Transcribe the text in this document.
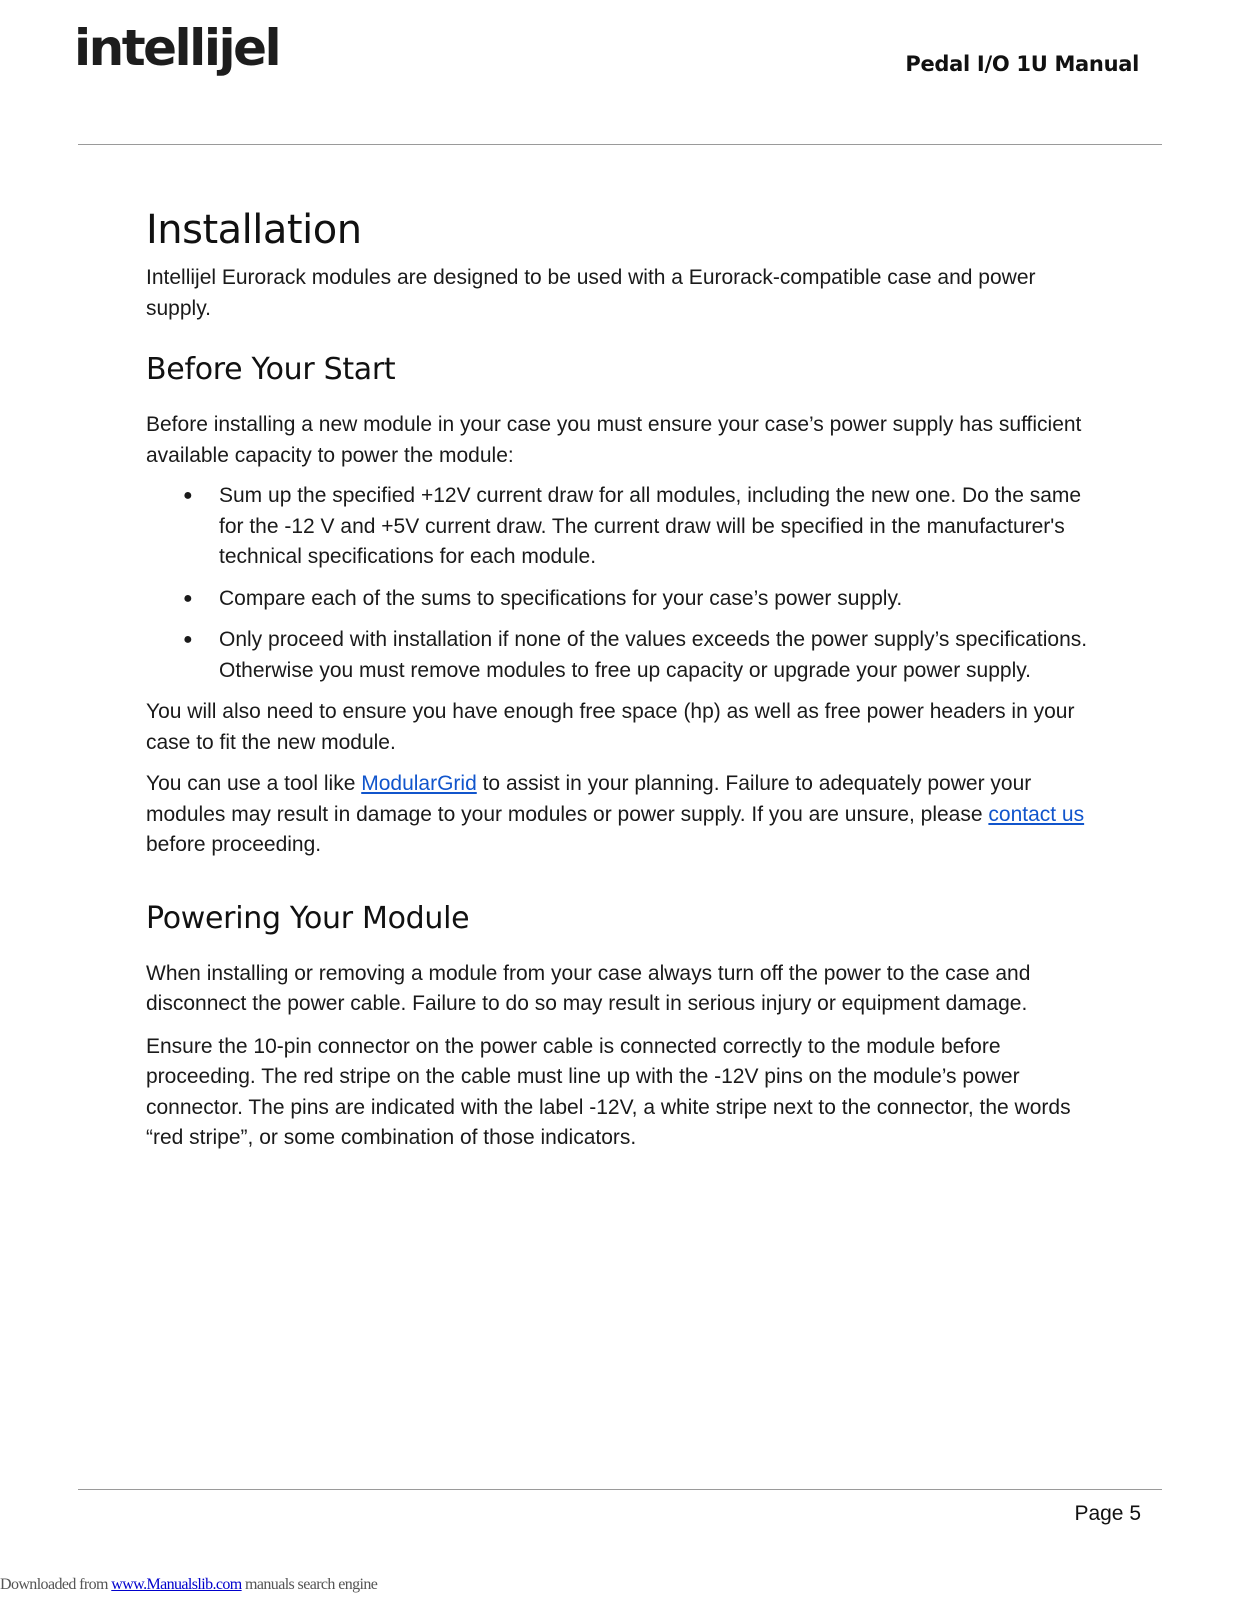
intellijel	Pedal I/O 1U Manual
Installation

Intellijel Eurorack modules are designed to be used with a Eurorack-compatible case and power supply.

Before Your Start

Before installing a new module in your case you must ensure your case’s power supply has sufficient available capacity to power the module:

● Sum up the specified +12V current draw for all modules, including the new one. Do the same for the -12 V and +5V current draw. The current draw will be specified in the manufacturer's technical specifications for each module.
● Compare each of the sums to specifications for your case’s power supply.
● Only proceed with installation if none of the values exceeds the power supply’s specifications. Otherwise you must remove modules to free up capacity or upgrade your power supply.

You will also need to ensure you have enough free space (hp) as well as free power headers in your case to fit the new module.

You can use a tool like ModularGrid to assist in your planning. Failure to adequately power your modules may result in damage to your modules or power supply. If you are unsure, please contact us before proceeding.

Powering Your Module

When installing or removing a module from your case always turn off the power to the case and disconnect the power cable. Failure to do so may result in serious injury or equipment damage.

Ensure the 10-pin connector on the power cable is connected correctly to the module before proceeding. The red stripe on the cable must line up with the -12V pins on the module’s power connector. The pins are indicated with the label -12V, a white stripe next to the connector, the words “red stripe”, or some combination of those indicators.

Page 5
Downloaded from www.Manualslib.com manuals search engine
